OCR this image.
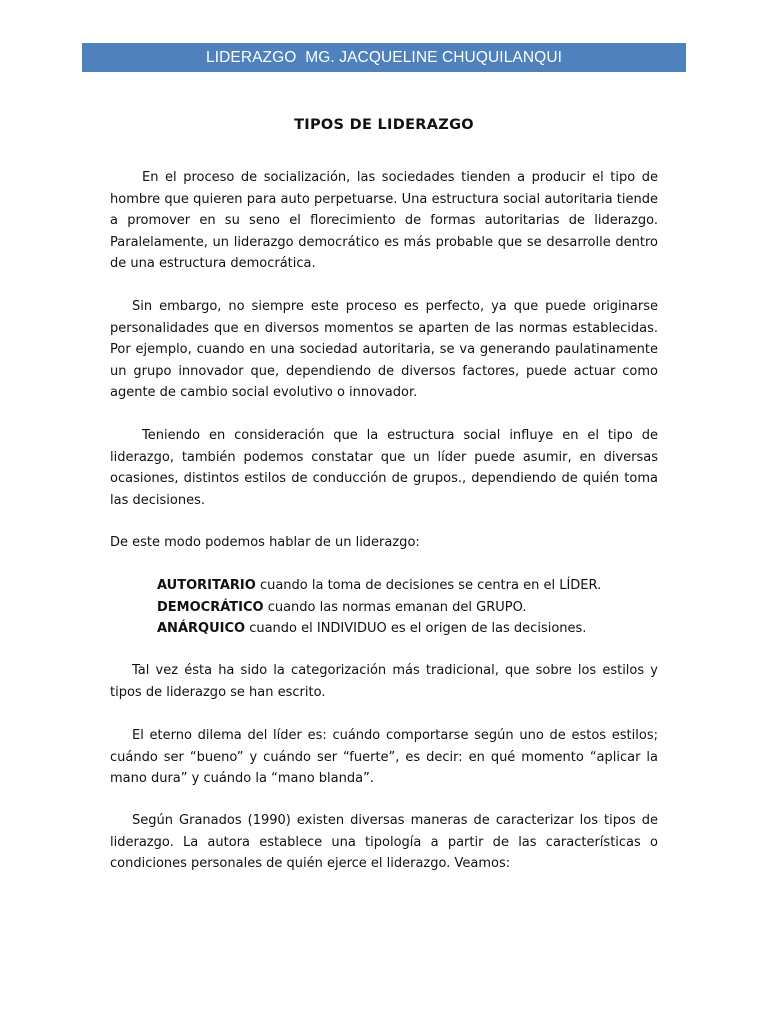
LIDERAZGO  MG. JACQUELINE CHUQUILANQUI
TIPOS DE LIDERAZGO

En el proceso de socialización, las sociedades tienden a producir el tipo de hombre que quieren para auto perpetuarse. Una estructura social autoritaria tiende a promover en su seno el florecimiento de formas autoritarias de liderazgo. Paralelamente, un liderazgo democrático es más probable que se desarrolle dentro de una estructura democrática.

Sin embargo, no siempre este proceso es perfecto, ya que puede originarse personalidades que en diversos momentos se aparten de las normas establecidas. Por ejemplo, cuando en una sociedad autoritaria, se va generando paulatinamente un grupo innovador que, dependiendo de diversos factores, puede actuar como agente de cambio social evolutivo o innovador.

Teniendo en consideración que la estructura social influye en el tipo de liderazgo, también podemos constatar que un líder puede asumir, en diversas ocasiones, distintos estilos de conducción de grupos., dependiendo de quién toma las decisiones.

De este modo podemos hablar de un liderazgo:

AUTORITARIO cuando la toma de decisiones se centra en el LÍDER.
DEMOCRÁTICO cuando las normas emanan del GRUPO.
ANÁRQUICO cuando el INDIVIDUO es el origen de las decisiones.

Tal vez ésta ha sido la categorización más tradicional, que sobre los estilos y tipos de liderazgo se han escrito.

El eterno dilema del líder es: cuándo comportarse según uno de estos estilos; cuándo ser “bueno” y cuándo ser “fuerte”, es decir: en qué momento “aplicar la mano dura” y cuándo la “mano blanda”.

Según Granados (1990) existen diversas maneras de caracterizar los tipos de liderazgo. La autora establece una tipología a partir de las características o condiciones personales de quién ejerce el liderazgo. Veamos:
